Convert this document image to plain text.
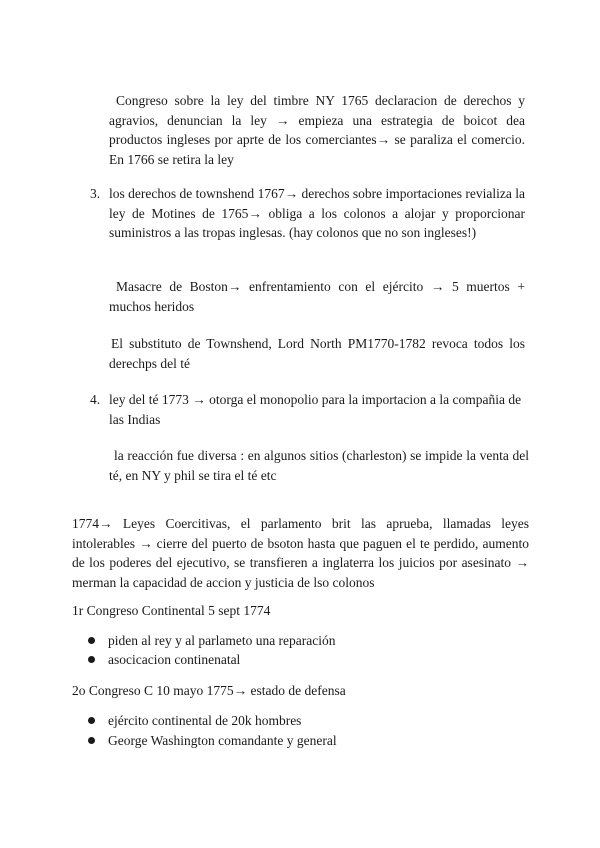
Congreso sobre la ley del timbre NY 1765 declaracion de derechos y agravios, denuncian la ley → empieza una estrategia de boicot dea productos ingleses por aprte de los comerciantes→ se paraliza el comercio. En 1766 se retira la ley

3. los derechos de townshend 1767→ derechos sobre importaciones revializa la ley de Motines de 1765→ obliga a los colonos a alojar y proporcionar suministros a las tropas inglesas. (hay colonos que no son ingleses!)

Masacre de Boston→ enfrentamiento con el ejército → 5 muertos + muchos heridos

El substituto de Townshend, Lord North PM1770-1782 revoca todos los derechps del té

4. ley del té 1773 → otorga el monopolio para la importacion a la compañia de las Indias

la reacción fue diversa : en algunos sitios (charleston) se impide la venta del té, en NY y phil se tira el té etc

1774→ Leyes Coercitivas, el parlamento brit las aprueba, llamadas leyes intolerables → cierre del puerto de bsoton hasta que paguen el te perdido, aumento de los poderes del ejecutivo, se transfieren a inglaterra los juicios por asesinato → merman la capacidad de accion y justicia de lso colonos

1r Congreso Continental 5 sept 1774

piden al rey y al parlameto una reparación
asocicacion continenatal

2o Congreso C 10 mayo 1775→ estado de defensa

ejército continental de 20k hombres
George Washington comandante y general
